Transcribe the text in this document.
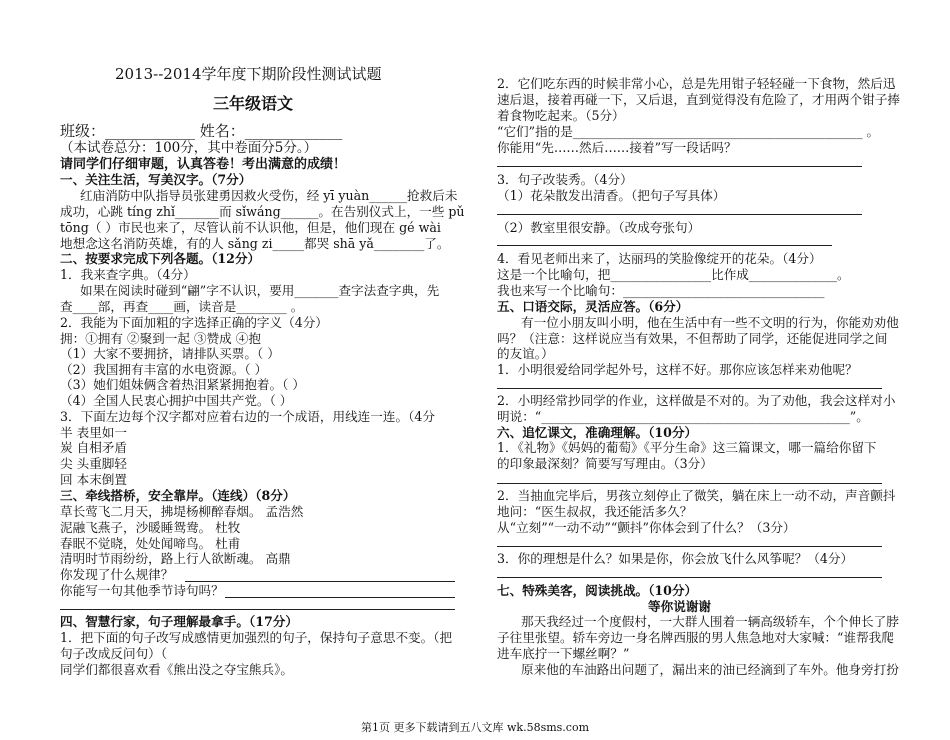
2013--2014学年度下期阶段性测试试题
三年级语文
班级：____________ 姓名：_____________
（本试卷总分：100分，其中卷面分5分。）
请同学们仔细审题，认真答卷！考出满意的成绩！
一、关注生活，写美汉字。（7分）
红庙消防中队指导员张建勇因救火受伤，经 yī yuàn______抢救后未
成功，心跳 tíng zhǐ_______而 sǐwáng______。在告别仪式上，一些 pǔ
tōng（ ）市民也来了，尽管认前不认识他，但是，他们现在 gé wài
地想念这名消防英雄，有的人 sǎng zi_____都哭 shā yǎ________了。
二、按要求完成下列各题。（12分）
1．我来查字典。（4分）
如果在阅读时碰到“翩”字不认识，要用_______查字法查字典，先
查____部，再查____画，读音是________ 。
2．我能为下面加粗的字选择正确的字义（4分）
拥：①拥有 ②聚到一起 ③赞成 ④抱
（1）大家不要拥挤，请排队买票。（ ）
（2）我国拥有丰富的水电资源。（ ）
（3）她们姐妹俩含着热泪紧紧拥抱着。（ ）
（4）全国人民衷心拥护中国共产党。（ ）
3．下面左边每个汉字都对应着右边的一个成语，用线连一连。（4分
半 表里如一
炭 自相矛盾
尖 头重脚轻
回 本末倒置
三、牵线搭桥，安全靠岸。（连线）（8分）
草长莺飞二月天，拂堤杨柳醉春烟。 孟浩然
泥融飞燕子，沙暖睡鸳鸯。 杜牧
春眠不觉晓，处处闻啼鸟。 杜甫
清明时节雨纷纷，路上行人欲断魂。 高鼎
你发现了什么规律？
你能写一句其他季节诗句吗？
四、智慧行家，句子理解最拿手。（17分）
1．把下面的句子改写成感情更加强烈的句子，保持句子意思不变。（把
句子改成反问句）（
同学们都很喜欢看《熊出没之夺宝熊兵》。
2．它们吃东西的时候非常小心，总是先用钳子轻轻碰一下食物，然后迅
速后退，接着再碰一下，又后退，直到觉得没有危险了，才用两个钳子捧
着食物吃起来。（5分）
“它们”指的是______________________________________________ 。
你能用“先……然后……接着”写一段话吗？
3．句子改装秀。（4分）
（1）花朵散发出清香。（把句子写具体）
（2）教室里很安静。（改成夸张句）
4．看见老师出来了，达丽玛的笑脸像绽开的花朵。（4分）
这是一个比喻句，把________________比作成______________。
我也来写一个比喻句：________________________________
五、口语交际，灵活应答。（6分）
有一位小朋友叫小明，他在生活中有一些不文明的行为，你能劝劝他
吗？（注意：这样说应当有效果，不但帮助了同学，还能促进同学之间
的友谊。）
1．小明很爱给同学起外号，这样不好。那你应该怎样来劝他呢？
2．小明经常抄同学的作业，这样做是不对的。为了劝他，我会这样对小
明说：“_________________________________________________”。
六、追忆课文，准确理解。（10分）
1．《礼物》《妈妈的葡萄》《平分生命》这三篇课文，哪一篇给你留下
的印象最深刻？简要写写理由。（3分）
2．当抽血完毕后，男孩立刻停止了微笑，躺在床上一动不动，声音颤抖
地问：“医生叔叔，我还能活多久？
从“立刻”“一动不动”“颤抖”你体会到了什么？（3分）
3．你的理想是什么？如果是你，你会放飞什么风筝呢？（4分）
七、特殊美客，阅读挑战。（10分）
等你说谢谢
那天我经过一个度假村，一大群人围着一辆高级轿车，个个伸长了脖
子往里张望。轿车旁边一身名牌西服的男人焦急地对大家喊：“谁帮我爬
进车底拧一下螺丝啊？”
原来他的车油路出问题了，漏出来的油已经滴到了车外。他身旁打扮
第1页 更多下载请到五八文库 wk.58sms.com
